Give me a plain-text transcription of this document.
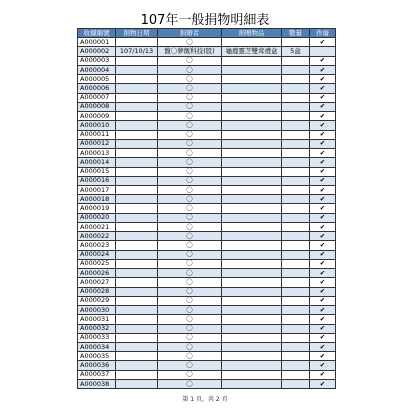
107年一般捐物明細表
收據編號	捐物日期	捐贈者	捐贈物品	數量	作廢
A000001		〇			✔
A000002	107/10/13	馥〇夢飯科技(股)	龜鹿靈芝雙茸禮盒	5盒	
A000003		〇			✔
A000004		〇			✔
A000005		〇			✔
A000006		〇			✔
A000007		〇			✔
A000008		〇			✔
A000009		〇			✔
A000010		〇			✔
A000011		〇			✔
A000012		〇			✔
A000013		〇			✔
A000014		〇			✔
A000015		〇			✔
A000016		〇			✔
A000017		〇			✔
A000018		〇			✔
A000019		〇			✔
A000020		〇			✔
A000021		〇			✔
A000022		〇			✔
A000023		〇			✔
A000024		〇			✔
A000025		〇			✔
A000026		〇			✔
A000027		〇			✔
A000028		〇			✔
A000029		〇			✔
A000030		〇			✔
A000031		〇			✔
A000032		〇			✔
A000033		〇			✔
A000034		〇			✔
A000035		〇			✔
A000036		〇			✔
A000037		〇			✔
A000038		〇			✔
第 1 頁，共 2 頁
